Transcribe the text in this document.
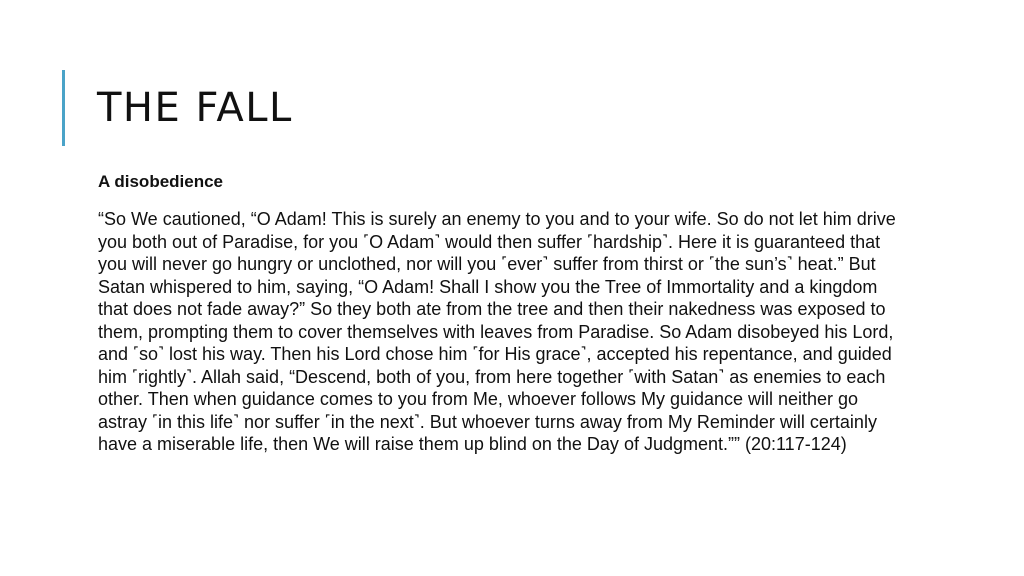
THE FALL

A disobedience

“So We cautioned, “O Adam! This is surely an enemy to you and to your wife. So do not let him drive you both out of Paradise, for you ˹O Adam˺ would then suffer ˹hardship˺. Here it is guaranteed that you will never go hungry or unclothed, nor will you ˹ever˺ suffer from thirst or ˹the sun’s˺ heat.” But Satan whispered to him, saying, “O Adam! Shall I show you the Tree of Immortality and a kingdom that does not fade away?” So they both ate from the tree and then their nakedness was exposed to them, prompting them to cover themselves with leaves from Paradise. So Adam disobeyed his Lord, and ˹so˺ lost his way. Then his Lord chose him ˹for His grace˺, accepted his repentance, and guided him ˹rightly˺. Allah said, “Descend, both of you, from here together ˹with Satan˺ as enemies to each other. Then when guidance comes to you from Me, whoever follows My guidance will neither go astray ˹in this life˺ nor suffer ˹in the next˺. But whoever turns away from My Reminder will certainly have a miserable life, then We will raise them up blind on the Day of Judgment.”” (20:117-124)
